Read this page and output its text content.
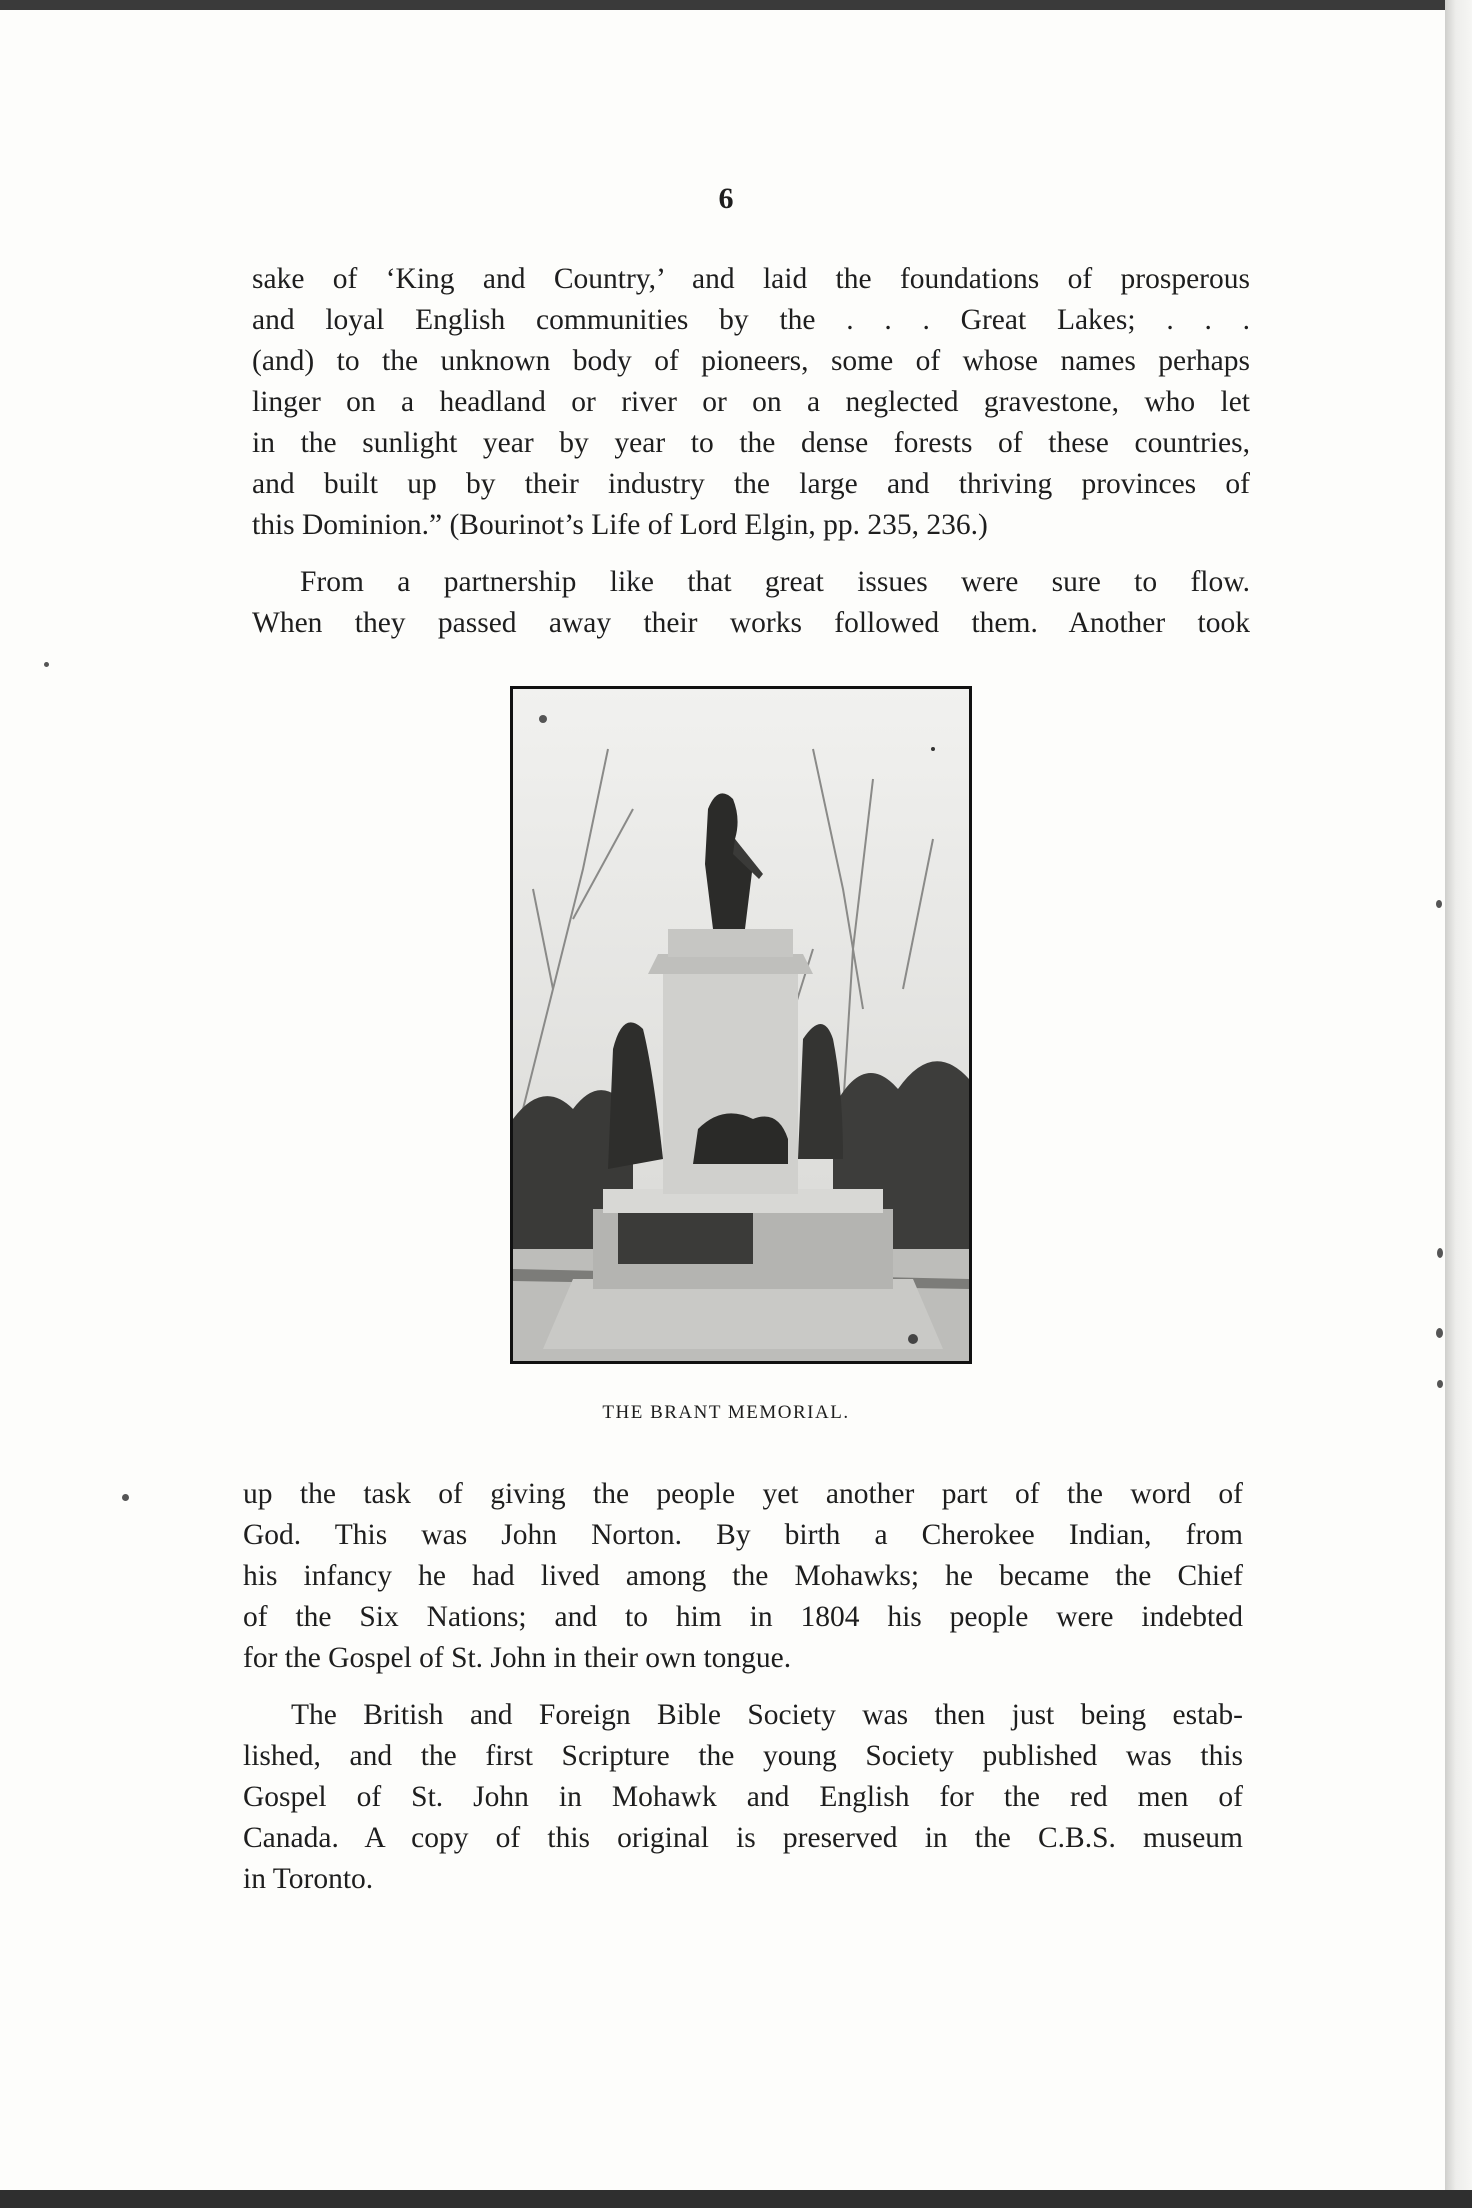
6
sake of ‘King and Country,’ and laid the foundations of prosperous
and loyal English communities by the . . . Great Lakes; . . .
(and) to the unknown body of pioneers, some of whose names perhaps
linger on a headland or river or on a neglected gravestone, who let
in the sunlight year by year to the dense forests of these countries,
and built up by their industry the large and thriving provinces of
this Dominion.” (Bourinot’s Life of Lord Elgin, pp. 235, 236.)
From a partnership like that great issues were sure to flow.
When they passed away their works followed them. Another took
THE BRANT MEMORIAL.
up the task of giving the people yet another part of the word of
God. This was John Norton. By birth a Cherokee Indian, from
his infancy he had lived among the Mohawks; he became the Chief
of the Six Nations; and to him in 1804 his people were indebted
for the Gospel of St. John in their own tongue.
The British and Foreign Bible Society was then just being estab-
lished, and the first Scripture the young Society published was this
Gospel of St. John in Mohawk and English for the red men of
Canada. A copy of this original is preserved in the C.B.S. museum
in Toronto.
